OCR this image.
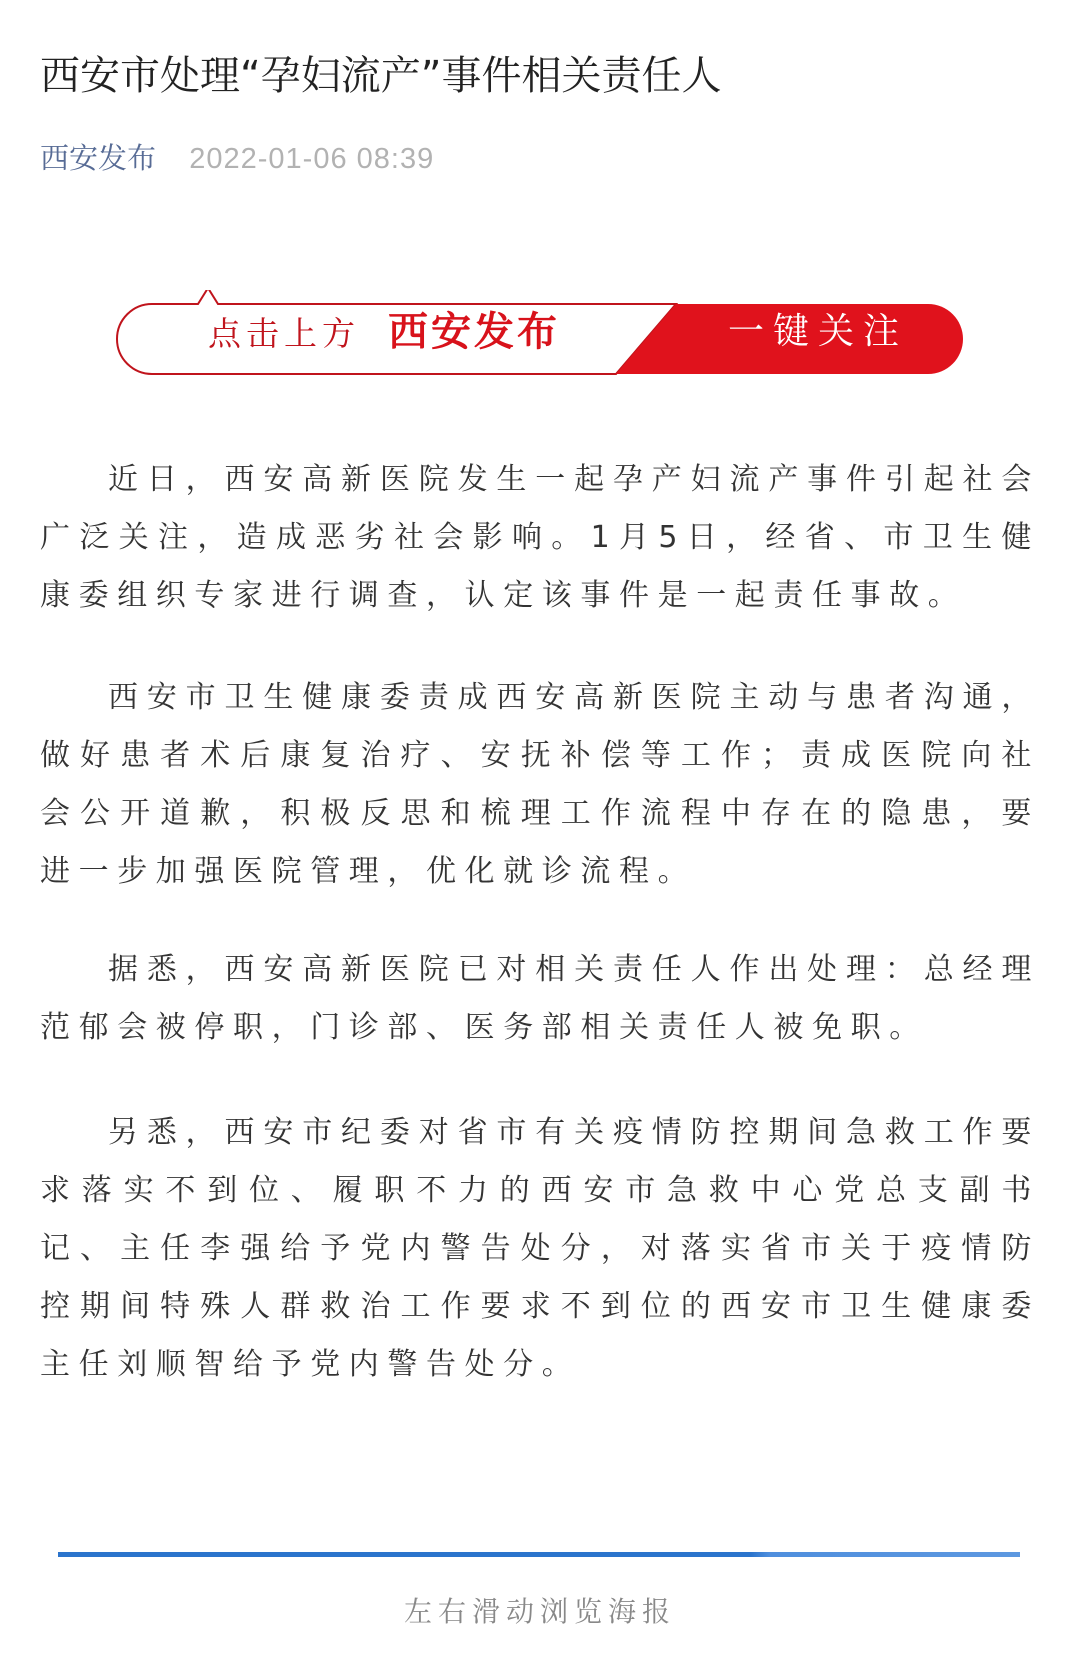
西安市处理“孕妇流产”事件相关责任人
西安发布 2022-01-06 08:39
点击上方 西安发布	一键关注

近日，西安高新医院发生一起孕产妇流产事件引起社会广泛关注，造成恶劣社会影响。1月5日，经省、市卫生健康委组织专家进行调查，认定该事件是一起责任事故。

西安市卫生健康委责成西安高新医院主动与患者沟通，做好患者术后康复治疗、安抚补偿等工作；责成医院向社会公开道歉，积极反思和梳理工作流程中存在的隐患，要进一步加强医院管理，优化就诊流程。

据悉，西安高新医院已对相关责任人作出处理：总经理范郁会被停职，门诊部、医务部相关责任人被免职。

另悉，西安市纪委对省市有关疫情防控期间急救工作要求落实不到位、履职不力的西安市急救中心党总支副书记、主任李强给予党内警告处分，对落实省市关于疫情防控期间特殊人群救治工作要求不到位的西安市卫生健康委主任刘顺智给予党内警告处分。

左右滑动浏览海报
